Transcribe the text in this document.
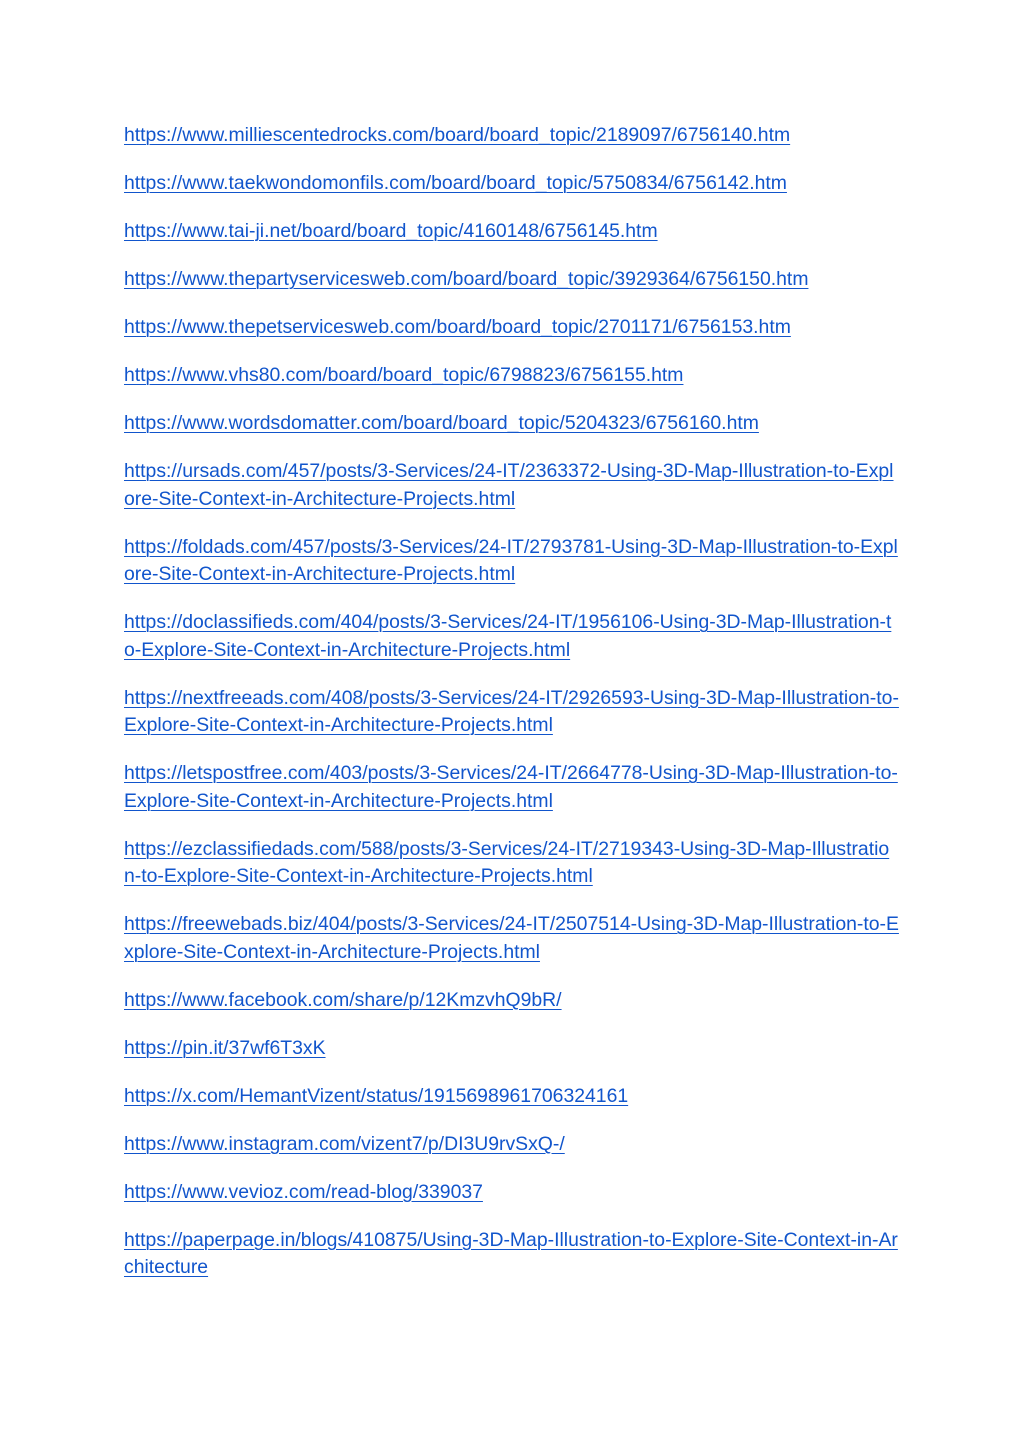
https://www.milliescentedrocks.com/board/board_topic/2189097/6756140.htm
https://www.taekwondomonfils.com/board/board_topic/5750834/6756142.htm
https://www.tai-ji.net/board/board_topic/4160148/6756145.htm
https://www.thepartyservicesweb.com/board/board_topic/3929364/6756150.htm
https://www.thepetservicesweb.com/board/board_topic/2701171/6756153.htm
https://www.vhs80.com/board/board_topic/6798823/6756155.htm
https://www.wordsdomatter.com/board/board_topic/5204323/6756160.htm
https://ursads.com/457/posts/3-Services/24-IT/2363372-Using-3D-Map-Illustration-to-Explore-Site-Context-in-Architecture-Projects.html
https://foldads.com/457/posts/3-Services/24-IT/2793781-Using-3D-Map-Illustration-to-Explore-Site-Context-in-Architecture-Projects.html
https://doclassifieds.com/404/posts/3-Services/24-IT/1956106-Using-3D-Map-Illustration-to-Explore-Site-Context-in-Architecture-Projects.html
https://nextfreeads.com/408/posts/3-Services/24-IT/2926593-Using-3D-Map-Illustration-to-Explore-Site-Context-in-Architecture-Projects.html
https://letspostfree.com/403/posts/3-Services/24-IT/2664778-Using-3D-Map-Illustration-to-Explore-Site-Context-in-Architecture-Projects.html
https://ezclassifiedads.com/588/posts/3-Services/24-IT/2719343-Using-3D-Map-Illustration-to-Explore-Site-Context-in-Architecture-Projects.html
https://freewebads.biz/404/posts/3-Services/24-IT/2507514-Using-3D-Map-Illustration-to-Explore-Site-Context-in-Architecture-Projects.html
https://www.facebook.com/share/p/12KmzvhQ9bR/
https://pin.it/37wf6T3xK
https://x.com/HemantVizent/status/1915698961706324161
https://www.instagram.com/vizent7/p/DI3U9rvSxQ-/
https://www.vevioz.com/read-blog/339037
https://paperpage.in/blogs/410875/Using-3D-Map-Illustration-to-Explore-Site-Context-in-Architecture
